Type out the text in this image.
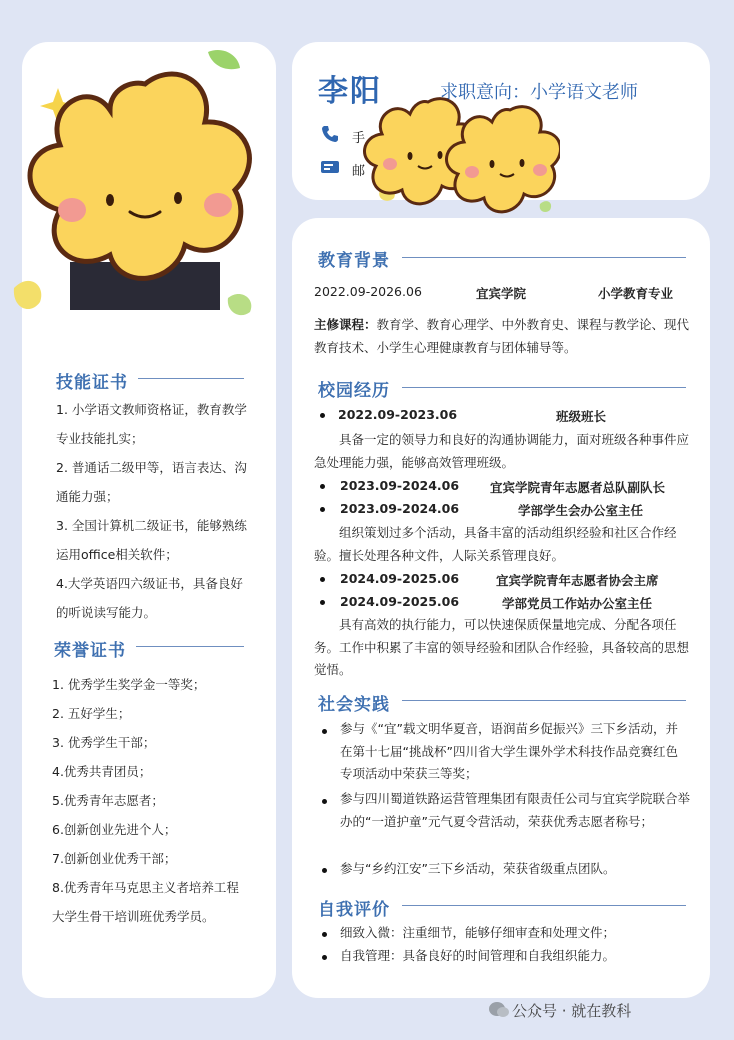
李阳	求职意向：小学语文老师
手
邮
技能证书

1. 小学语文教师资格证，教育教学专业技能扎实；

2. 普通话二级甲等，语言表达、沟通能力强；

3. 全国计算机二级证书，能够熟练运用office相关软件；

4.大学英语四六级证书，具备良好的听说读写能力。

荣誉证书

1. 优秀学生奖学金一等奖；

2. 五好学生；

3. 优秀学生干部；

4.优秀共青团员；

5.优秀青年志愿者；

6.创新创业先进个人；

7.创新创业优秀干部；

8.优秀青年马克思主义者培养工程大学生骨干培训班优秀学员。

教育背景
2022.09-2026.06	宜宾学院	小学教育专业
主修课程：教育学、教育心理学、中外教育史、课程与教学论、现代教育技术、小学生心理健康教育与团体辅导等。
校园经历
2022.09-2023.06	班级班长
具备一定的领导力和良好的沟通协调能力，面对班级各种事件应急处理能力强，能够高效管理班级。
2023.09-2024.06 宜宾学院青年志愿者总队副队长
2023.09-2024.06	学部学生会办公室主任
组织策划过多个活动，具备丰富的活动组织经验和社区合作经验。擅长处理各种文件，人际关系管理良好。
2024.09-2025.06	宜宾学院青年志愿者协会主席
2024.09-2025.06	学部党员工作站办公室主任
具有高效的执行能力，可以快速保质保量地完成、分配各项任务。工作中积累了丰富的领导经验和团队合作经验，具备较高的思想觉悟。
社会实践
参与《“宜”载文明华夏音，语润苗乡促振兴》三下乡活动，并在第十七届“挑战杯”四川省大学生课外学术科技作品竞赛红色专项活动中荣获三等奖；
参与四川蜀道铁路运营管理集团有限责任公司与宜宾学院联合举办的“一道护童”元气夏令营活动，荣获优秀志愿者称号；
参与“乡约江安”三下乡活动，荣获省级重点团队。
自我评价
细致入微：注重细节，能够仔细审查和处理文件；
自我管理：具备良好的时间管理和自我组织能力。
公众号 · 就在教科
